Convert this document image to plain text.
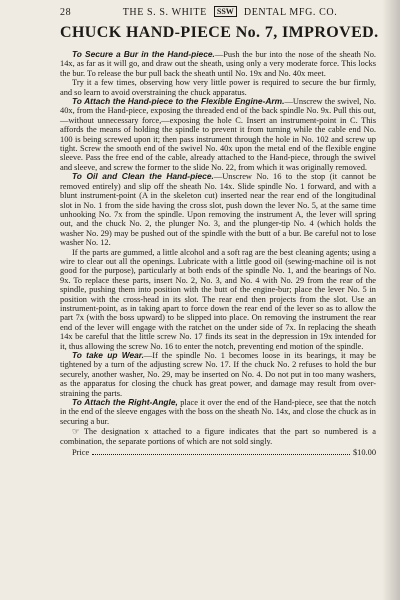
28	THE S. S. WHITE SSW DENTAL MFG. CO.
CHUCK HAND-PIECE No. 7, IMPROVED.

To Secure a Bur in the Hand-piece.—Push the bur into the nose of the sheath No. 14x, as far as it will go, and draw out the sheath, using only a very moderate force. This locks the bur. To release the bur pull back the sheath until No. 19x and No. 40x meet.

Try it a few times, observing how very little power is required to secure the bur firmly, and so learn to avoid overstraining the chuck apparatus.

To Attach the Hand-piece to the Flexible Engine-Arm.—Unscrew the swivel, No. 40x, from the Hand-piece, exposing the threaded end of the back spindle No. 9x. Pull this out,—without unnecessary force,—exposing the hole C. Insert an instrument-point in C. This affords the means of holding the spindle to prevent it from turning while the cable end No. 100 is being screwed upon it; then pass instrument through the hole in No. 102 and screw up tight. Screw the smooth end of the swivel No. 40x upon the metal end of the flexible engine sleeve. Pass the free end of the cable, already attached to the Hand-piece, through the swivel and sleeve, and screw the former to the slide No. 22, from which it was originally removed.

To Oil and Clean the Hand-piece.—Unscrew No. 16 to the stop (it cannot be removed entirely) and slip off the sheath No. 14x. Slide spindle No. 1 forward, and with a blunt instrument-point (A in the skeleton cut) inserted near the rear end of the longitudinal slot in No. 1 from the side having the cross slot, push down the lever No. 5, at the same time unhooking No. 7x from the spindle. Upon removing the instrument A, the lever will spring out, and the chuck No. 2, the plunger No. 3, and the plunger-tip No. 4 (which holds the washer No. 29) may be pushed out of the spindle with the butt of a bur. Be careful not to lose washer No. 12.

If the parts are gummed, a little alcohol and a soft rag are the best cleaning agents; using a wire to clear out all the openings. Lubricate with a little good oil (sewing-machine oil is not good for the purpose), particularly at both ends of the spindle No. 1, and the bearings of No. 9x. To replace these parts, insert No. 2, No. 3, and No. 4 with No. 29 from the rear of the spindle, pushing them into position with the butt of the engine-bur; place the lever No. 5 in position with the cross-head in its slot. The rear end then projects from the slot. Use an instrument-point, as in taking apart to force down the rear end of the lever so as to allow the part 7x (with the boss upward) to be slipped into place. On removing the instrument the rear end of the lever will engage with the ratchet on the under side of 7x. In replacing the sheath 14x be careful that the little screw No. 17 finds its seat in the depression in 19x intended for it, thus allowing the screw No. 16 to enter the notch, preventing end motion of the spindle.

To take up Wear.—If the spindle No. 1 becomes loose in its bearings, it may be tightened by a turn of the adjusting screw No. 17. If the chuck No. 2 refuses to hold the bur securely, another washer, No. 29, may be inserted on No. 4. Do not put in too many washers, as the apparatus for closing the chuck has great power, and damage may result from over-straining the parts.

To Attach the Right-Angle, place it over the end of the Hand-piece, see that the notch in the end of the sleeve engages with the boss on the sheath No. 14x, and close the chuck as in securing a bur.

☞ The designation x attached to a figure indicates that the part so numbered is a combination, the separate portions of which are not sold singly.

Price	$10.00
